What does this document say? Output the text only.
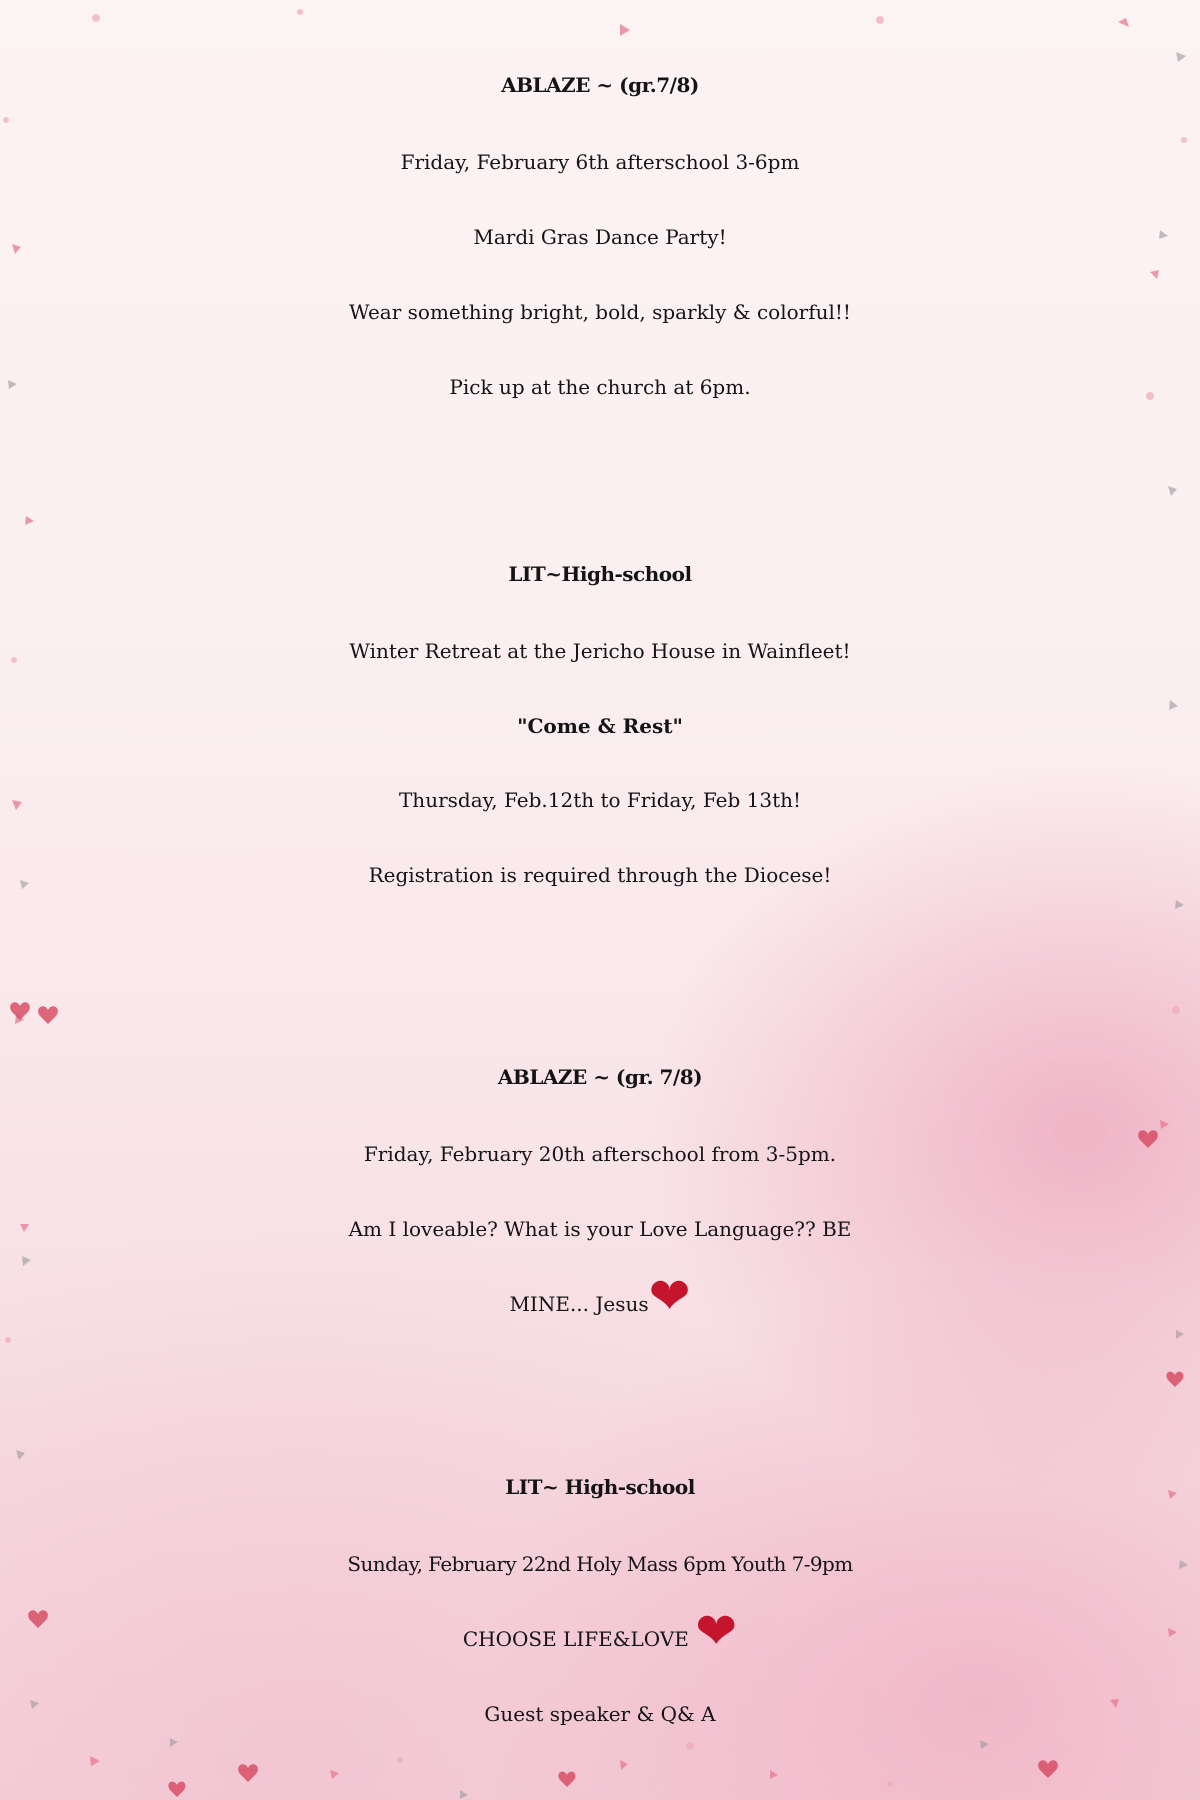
ABLAZE ~ (gr.7/8)

Friday, February 6th afterschool 3-6pm

Mardi Gras Dance Party!

Wear something bright, bold, sparkly & colorful!!

Pick up at the church at 6pm.

LIT~High-school

Winter Retreat at the Jericho House in Wainfleet!

"Come & Rest"

Thursday, Feb.12th to Friday, Feb 13th!

Registration is required through the Diocese!

ABLAZE ~ (gr. 7/8)

Friday, February 20th afterschool from 3-5pm.

Am I loveable? What is your Love Language?? BE

MINE... Jesus❤

LIT~ High-school

Sunday, February 22nd Holy Mass 6pm Youth 7-9pm

CHOOSE LIFE&LOVE ❤

Guest speaker & Q& A
